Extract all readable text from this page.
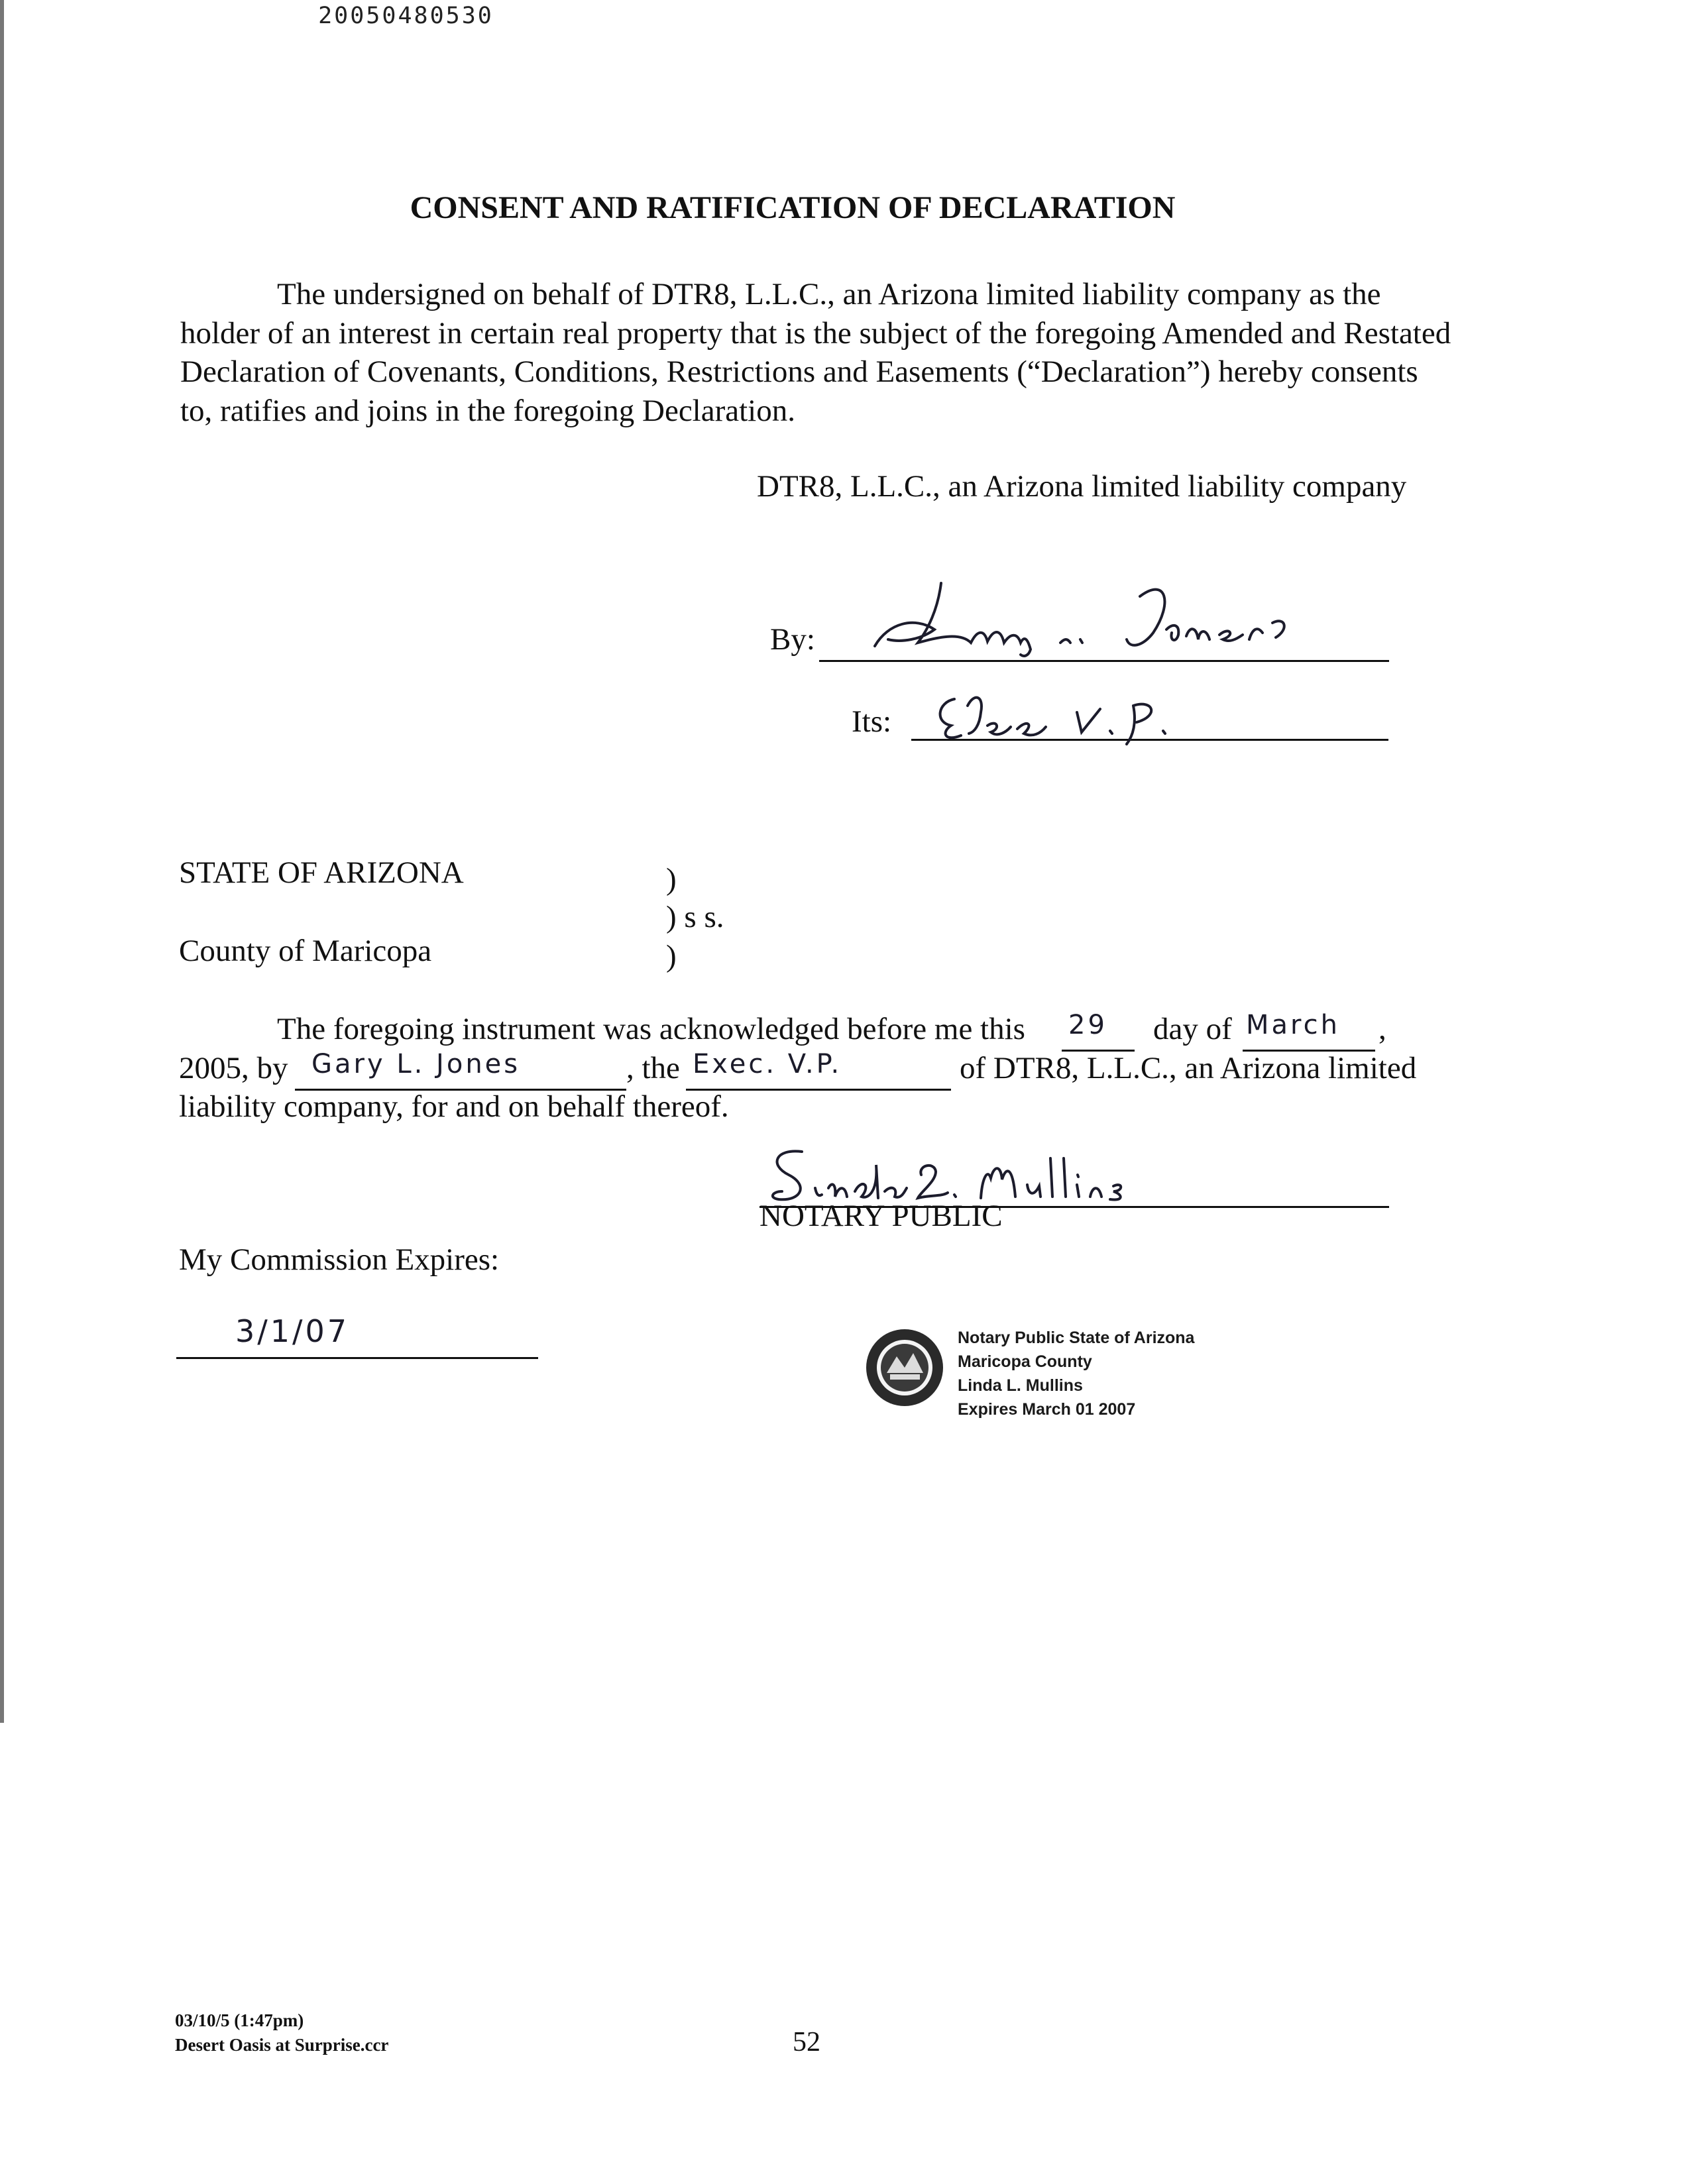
20050480530
CONSENT AND RATIFICATION OF DECLARATION
The undersigned on behalf of DTR8, L.L.C., an Arizona limited liability company as the holder of an interest in certain real property that is the subject of the foregoing Amended and Restated Declaration of Covenants, Conditions, Restrictions and Easements (“Declaration”) hereby consents to, ratifies and joins in the foregoing Declaration.
DTR8, L.L.C., an Arizona limited liability company
By:
Its:
STATE OF ARIZONA	)
) s s.
County of Maricopa	)
The foregoing instrument was acknowledged before me this 29 day of March ,
2005, by Gary L. Jones	, the Exec. V.P.	of DTR8, L.L.C., an Arizona limited
liability company, for and on behalf thereof.
NOTARY PUBLIC
My Commission Expires:
3/1/07	Notary Public State of Arizona
Maricopa County
Linda L. Mullins
Expires March 01 2007
03/10/5 (1:47pm)
Desert Oasis at Surprise.ccr	52
